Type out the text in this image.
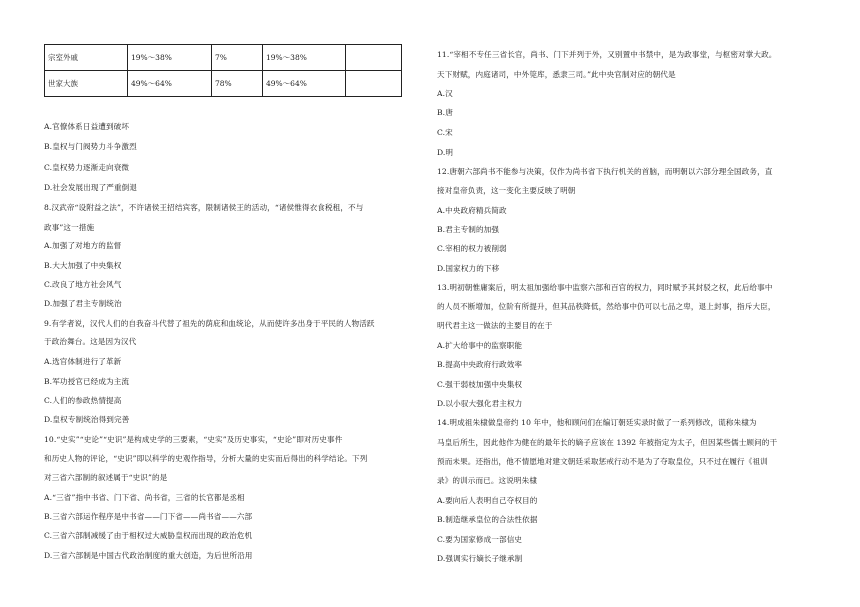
宗室外戚	19%～38%	7%	19%～38%	
世家大族	49%～64%	78%	49%～64%	
A.官僚体系日益遭到破坏
B.皇权与门阀势力斗争激烈
C.皇权势力逐渐走向衰微
D.社会发展出现了严重倒退
8.汉武帝“设附益之法”，不许诸侯王招结宾客，限制诸侯王的活动，“诸侯惟得衣食税租，不与
政事”这一措施
A.加强了对地方的监督
B.大大加强了中央集权
C.改良了地方社会风气
D.加强了君主专制统治
9.有学者说，汉代人们的自我奋斗代替了祖先的荫庇和血统论，从而使许多出身于平民的人物活跃
于政治舞台。这是因为汉代
A.选官体制进行了革新
B.军功授官已经成为主流
C.人们的参政热情提高
D.皇权专制统治得到完善
10.“史实”“史论”“史识”是构成史学的三要素，“史实”及历史事实，“史论”即对历史事件
和历史人物的评论，“史识”即以科学的史观作指导，分析大量的史实而后得出的科学结论。下列
对三省六部制的叙述属于“史识”的是
A.“三省”指中书省、门下省、尚书省，三省的长官都是丞相
B.三省六部运作程序是中书省——门下省——尚书省——六部
C.三省六部制减缓了由于相权过大威胁皇权而出现的政治危机
D.三省六部制是中国古代政治制度的重大创造，为后世所沿用
11.“宰相不专任三省长官，尚书、门下并列于外，又别置中书禁中，是为政事堂，与枢密对掌大政。
天下财赋，内庭诸司，中外筦库，悉隶三司。”此中央官制对应的朝代是
A.汉
B.唐
C.宋
D.明
12.唐朝六部尚书不能参与决策，仅作为尚书省下执行机关的首脑，而明朝以六部分理全国政务，直
接对皇帝负责，这一变化主要反映了明朝
A.中央政府精兵简政
B.君主专制的加强
C.宰相的权力被削弱
D.国家权力的下移
13.明初朝惟庸案后，明太祖加强给事中监察六部和百官的权力，同时赋予其封驳之权，此后给事中
的人员不断增加，位阶有所提升，但其品秩降低，然给事中仍可以七品之卑，退上封事，指斥大臣，
明代君主这一做法的主要目的在于
A.扩大给事中的监察职能
B.提高中央政府行政效率
C.强干弱枝加强中央集权
D.以小驭大强化君主权力
14.明成祖朱棣做皇帝约 10 年中，他和顾问们在编订朝廷实录时做了一系列修改，谎称朱棣为
马皇后所生，因此他作为健在的最年长的嫡子应该在 1392 年被指定为太子，但因某些儒士顾问的干
预而未果。还指出，他不情愿地对建文朝廷采取惩戒行动不是为了夺取皇位，只不过在履行《祖训
录》的训示而已。这说明朱棣
A.要向后人表明自己夺权目的
B.制造继承皇位的合法性依据
C.要为国家修成一部信史
D.强调实行嫡长子继承制
